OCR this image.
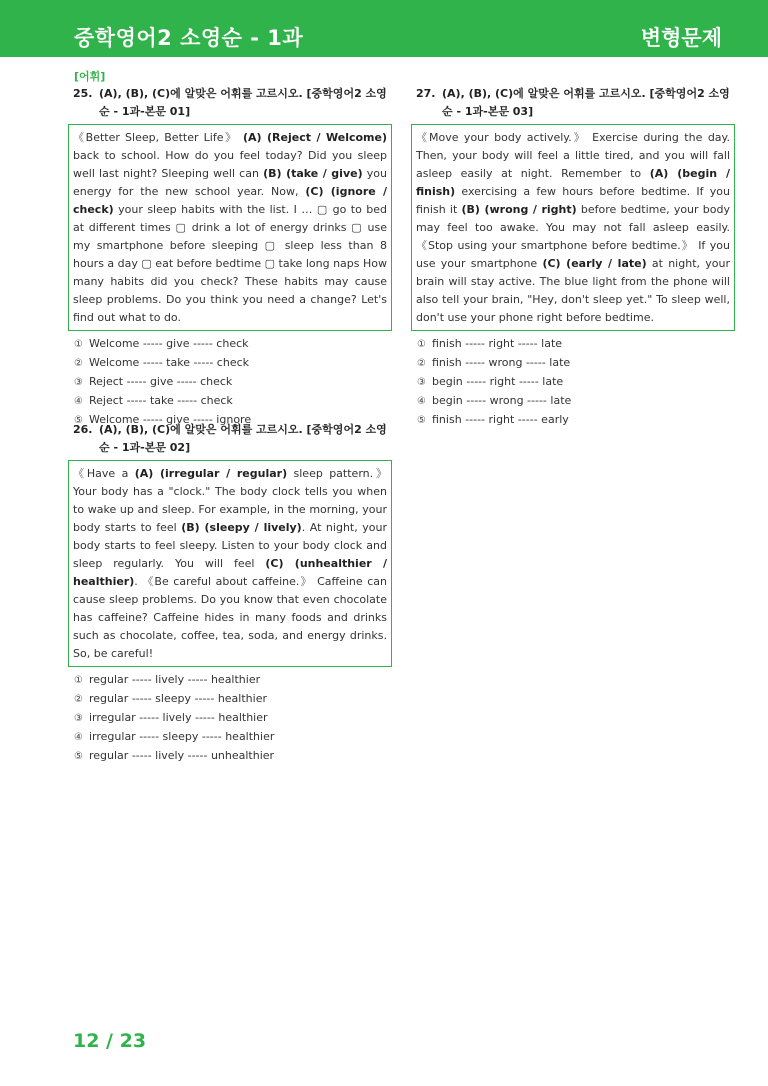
중학영어2 소영순 - 1과	변형문제
[어휘]
25. (A), (B), (C)에 알맞은 어휘를 고르시오. [중학영어2 소영순 - 1과-본문 01]
《Better Sleep, Better Life》 (A) (Reject / Welcome) back to school. How do you feel today? Did you sleep well last night? Sleeping well can (B) (take / give) you energy for the new school year. Now, (C) (ignore / check) your sleep habits with the list. I … ▢ go to bed at different times ▢ drink a lot of energy drinks ▢ use my smartphone before sleeping ▢ sleep less than 8 hours a day ▢ eat before bedtime ▢ take long naps How many habits did you check? These habits may cause sleep problems. Do you think you need a change? Let's find out what to do.
① Welcome ----- give ----- check
② Welcome ----- take ----- check
③ Reject ----- give ----- check
④ Reject ----- take ----- check
⑤ Welcome ----- give ----- ignore
26. (A), (B), (C)에 알맞은 어휘를 고르시오. [중학영어2 소영순 - 1과-본문 02]
《Have a (A) (irregular / regular) sleep pattern.》 Your body has a "clock." The body clock tells you when to wake up and sleep. For example, in the morning, your body starts to feel (B) (sleepy / lively). At night, your body starts to feel sleepy. Listen to your body clock and sleep regularly. You will feel (C) (unhealthier / healthier). 《Be careful about caffeine.》 Caffeine can cause sleep problems. Do you know that even chocolate has caffeine? Caffeine hides in many foods and drinks such as chocolate, coffee, tea, soda, and energy drinks. So, be careful!
① regular ----- lively ----- healthier
② regular ----- sleepy ----- healthier
③ irregular ----- lively ----- healthier
④ irregular ----- sleepy ----- healthier
⑤ regular ----- lively ----- unhealthier
27. (A), (B), (C)에 알맞은 어휘를 고르시오. [중학영어2 소영순 - 1과-본문 03]
《Move your body actively.》 Exercise during the day. Then, your body will feel a little tired, and you will fall asleep easily at night. Remember to (A) (begin / finish) exercising a few hours before bedtime. If you finish it (B) (wrong / right) before bedtime, your body may feel too awake. You may not fall asleep easily. 《Stop using your smartphone before bedtime.》 If you use your smartphone (C) (early / late) at night, your brain will stay active. The blue light from the phone will also tell your brain, "Hey, don't sleep yet." To sleep well, don't use your phone right before bedtime.
① finish ----- right ----- late
② finish ----- wrong ----- late
③ begin ----- right ----- late
④ begin ----- wrong ----- late
⑤ finish ----- right ----- early
12 / 23
